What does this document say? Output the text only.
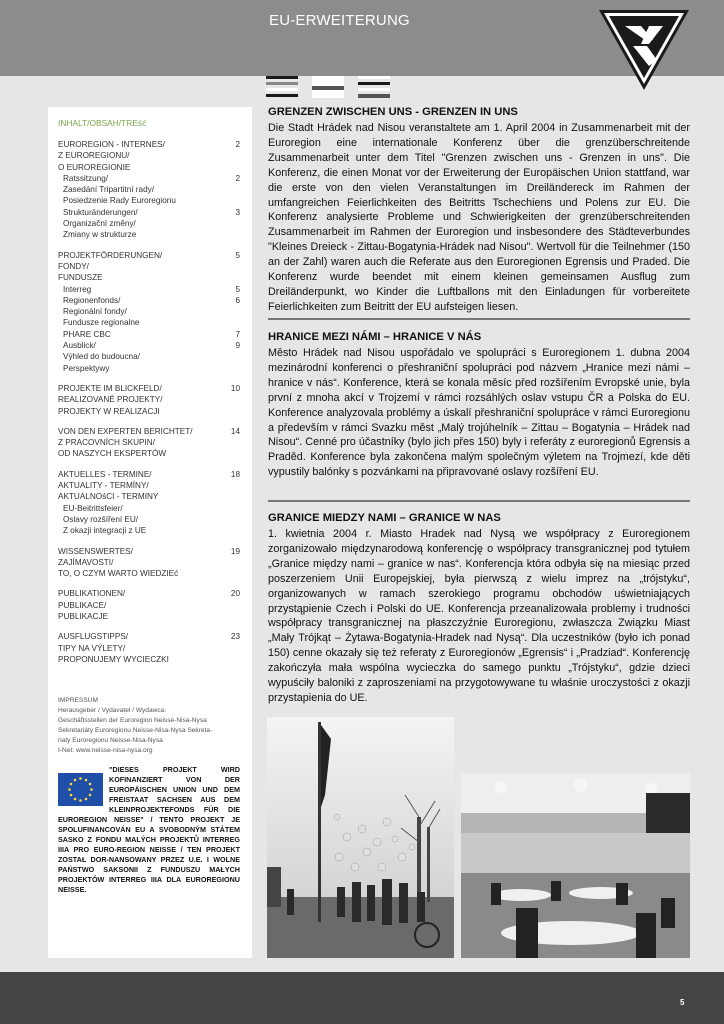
EU-ERWEITERUNG
INHALT/OBSAH/TREść
EUROREGION - INTERNES/	2
Z EUROREGIONU/
O EUROREGIONIE
Ratssitzung/	2
Zasedání Tripartitní rady/
Posiedzenie Rady Euroregionu
Strukturänderungen/	3
Organizační změny/
Zmiany w strukturze
PROJEKTFÖRDERUNGEN/	5
FONDY/
FUNDUSZE
Interreg	5
Regionenfonds/	6
Regionální fondy/
Fundusze regionalne
PHARE CBC	7
Ausblick/	9
Výhled do budoucna/
Perspektywy
PROJEKTE IM BLICKFELD/	10
REALIZOVANÉ PROJEKTY/
PROJEKTY W REALIZACJI
VON DEN EXPERTEN BERICHTET/	14
Z PRACOVNÍCH SKUPIN/
OD NASZYCH EKSPERTÓW
AKTUELLES - TERMINE/	18
AKTUALITY - TERMÍNY/
AKTUALNOśCI - TERMINY
EU-Beitrittsfeier/
Oslavy rozšíření EU/
Z okazji integracji z UE
WISSENSWERTES/	19
ZAJÍMAVOSTI/
TO, O CZYM WARTO WIEDZIEć
PUBLIKATIONEN/	20
PUBLIKACE/
PUBLIKACJE
AUSFLUGSTIPPS/	23
TIPY NA VÝLETY/
PROPONUJEMY WYCIECZKI
IMPRESSUM
Herausgeber / Vydavatel / Wydawca:
Geschäftsstellen der Euroregion Neisse-Nisa-Nysa
Sekretariáty Euroregionu Neisse-Nisa-Nysa Sekreta-
riaty Euroregionu Neisse-Nisa-Nysa
I-Net: www.neisse-nisa-nysa.org
"DIESES PROJEKT WIRD KOFINANZIERT VON DER EUROPÄISCHEN UNION UND DEM FREISTAAT SACHSEN AUS DEM KLEINPROJEKTEFONDS FÜR DIE EUROREGION NEISSE" / TENTO PROJEKT JE SPOLUFINANCOVÁN EU A SVOBODNÝM STÁTEM SASKO Z FONDU MALÝCH PROJEKTŮ INTERREG IIIA PRO EURO-REGION NEISSE / TEN PROJEKT ZOSTAŁ DOR-NANSOWANY PRZEZ U.E. I WOLNE PAŃSTWO SAKSONII Z FUNDUSZU MAŁYCH PROJEKTÓW INTERREG IIIA DLA EUROREGIONU NEISSE.
GRENZEN ZWISCHEN UNS - GRENZEN IN UNS

Die Stadt Hrádek nad Nisou veranstaltete am 1. April 2004 in Zusammenarbeit mit der Euroregion eine internationale Konferenz über die grenzüberschreitende Zusammenarbeit unter dem Titel "Grenzen zwischen uns - Grenzen in uns". Die Konferenz, die einen Monat vor der Erweiterung der Europäischen Union stattfand, war die erste von den vielen Veranstaltungen im Dreiländereck im Rahmen der umfangreichen Feierlichkeiten des Beitritts Tschechiens und Polens zur EU. Die Konferenz analysierte Probleme und Schwierigkeiten der grenzüberschreitenden Zusammenarbeit im Rahmen der Euroregion und insbesondere des Städteverbundes "Kleines Dreieck - Zittau-Bogatynia-Hrádek nad Nisou". Wertvoll für die Teilnehmer (150 an der Zahl) waren auch die Referate aus den Euroregionen Egrensis und Praded. Die Konferenz wurde beendet mit einem kleinen gemeinsamen Ausflug zum Dreiländerpunkt, wo Kinder die Luftballons mit den Einladungen für vorbereitete Feierlichkeiten zum Beitritt der EU aufsteigen liesen.

HRANICE MEZI NÁMI – HRANICE V NÁS

Město Hrádek nad Nisou uspořádalo ve spolupráci s Euroregionem 1. dubna 2004 mezinárodní konferenci o přeshraniční spolupráci pod názvem „Hranice mezi námi – hranice v nás“. Konference, která se konala měsíc před rozšířením Evropské unie, byla první z mnoha akcí v Trojzemí v rámci rozsáhlých oslav vstupu ČR a Polska do EU. Konference analyzovala problémy a úskalí přeshraniční spolupráce v rámci Euroregionu a především v rámci Svazku měst „Malý trojúhelník – Zittau – Bogatynia – Hrádek nad Nisou“. Cenné pro účastníky (bylo jich přes 150) byly i referáty z euroregionů Egrensis a Praděd. Konference byla zakončena malým společným výletem na Trojmezí, kde děti vypustily balónky s pozvánkami na připravované oslavy rozšíření EU.

GRANICE MIEDZY NAMI – GRANICE W NAS

1. kwietnia 2004 r. Miasto Hradek nad Nysą we współpracy z Euroregionem zorganizowało międzynarodową konferencję o współpracy transgranicznej pod tytułem „Granice między nami – granice w nas“. Konferencja która odbyła się na miesiąc przed poszerzeniem Unii Europejskiej, była pierwszą z wielu imprez na „trójstyku“, organizowanych w ramach szerokiego programu obchodów uświetniających przystąpienie Czech i Polski do UE. Konferencja przeanalizowała problemy i trudności współpracy transgranicznej na płaszczyźnie Euroregionu, zwłaszcza Związku Miast „Mały Trójkąt – Żytawa-Bogatynia-Hradek nad Nysą“. Dla uczestników (było ich ponad 150) cenne okazały się też referaty z Euroregionów „Egrensis“ i „Pradziad“. Konferencję zakończyła mała wspólna wycieczka do samego punktu „Trójstyku“, gdzie dzieci wypuściły baloniki z zaproszeniami na przygotowywane tu właśnie uroczystości z okazji przystapienia do UE.

5
